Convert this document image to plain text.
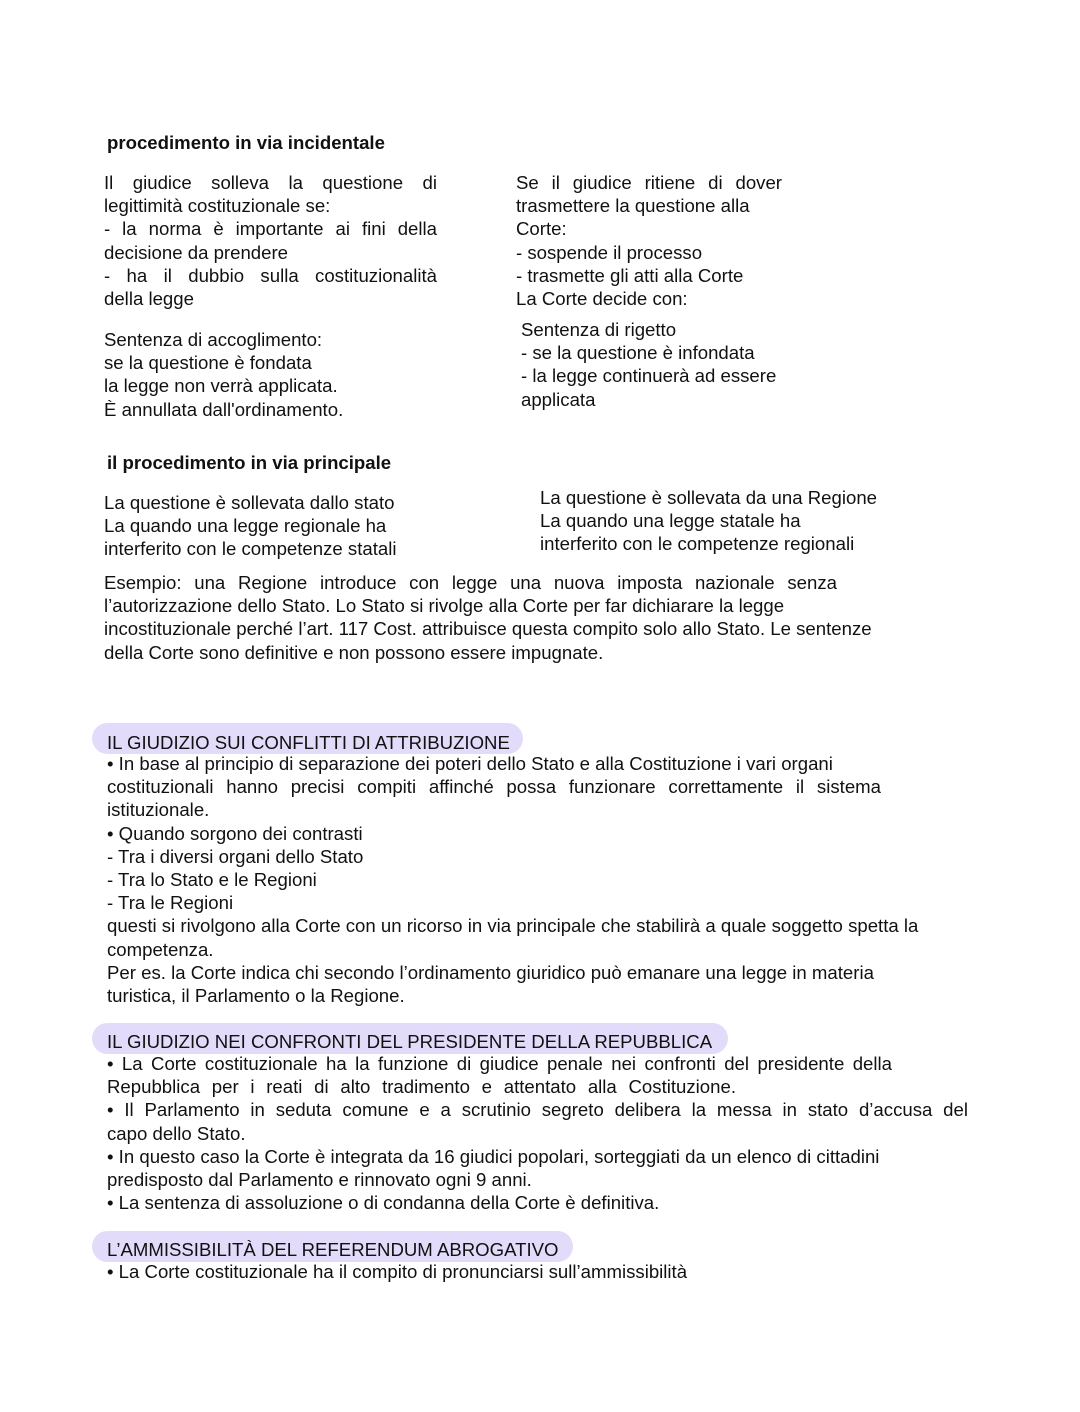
procedimento in via incidentale
Il giudice solleva la questione di
legittimità costituzionale se:
- la norma è importante ai fini della
decisione da prendere
- ha il dubbio sulla costituzionalità
della legge
Se il giudice ritiene di dover
trasmettere la questione alla
Corte:
- sospende il processo
- trasmette gli atti alla Corte
La Corte decide con:
Sentenza di accoglimento:
se la questione è fondata
la legge non verrà applicata.
È annullata dall'ordinamento.
Sentenza di rigetto
- se la questione è infondata
- la legge continuerà ad essere
applicata
il procedimento in via principale
La questione è sollevata dallo stato
La quando una legge regionale ha
interferito con le competenze statali
La questione è sollevata da una Regione
La quando una legge statale ha
interferito con le competenze regionali
Esempio: una Regione introduce con legge una nuova imposta nazionale senza
l’autorizzazione dello Stato. Lo Stato si rivolge alla Corte per far dichiarare la legge
incostituzionale perché l’art. 117 Cost. attribuisce questa compito solo allo Stato. Le sentenze
della Corte sono definitive e non possono essere impugnate.
IL GIUDIZIO SUI CONFLITTI DI ATTRIBUZIONE
• In base al principio di separazione dei poteri dello Stato e alla Costituzione i vari organi
costituzionali hanno precisi compiti affinché possa funzionare correttamente il sistema
istituzionale.
• Quando sorgono dei contrasti
- Tra i diversi organi dello Stato
- Tra lo Stato e le Regioni
- Tra le Regioni
questi si rivolgono alla Corte con un ricorso in via principale che stabilirà a quale soggetto spetta la
competenza.
Per es. la Corte indica chi secondo l’ordinamento giuridico può emanare una legge in materia
turistica, il Parlamento o la Regione.
IL GIUDIZIO NEI CONFRONTI DEL PRESIDENTE DELLA REPUBBLICA
• La Corte costituzionale ha la funzione di giudice penale nei confronti del presidente della
Repubblica per i reati di alto tradimento e attentato alla Costituzione.
• Il Parlamento in seduta comune e a scrutinio segreto delibera la messa in stato d’accusa del
capo dello Stato.
• In questo caso la Corte è integrata da 16 giudici popolari, sorteggiati da un elenco di cittadini
predisposto dal Parlamento e rinnovato ogni 9 anni.
• La sentenza di assoluzione o di condanna della Corte è definitiva.
L’AMMISSIBILITÀ DEL REFERENDUM ABROGATIVO
• La Corte costituzionale ha il compito di pronunciarsi sull’ammissibilità
